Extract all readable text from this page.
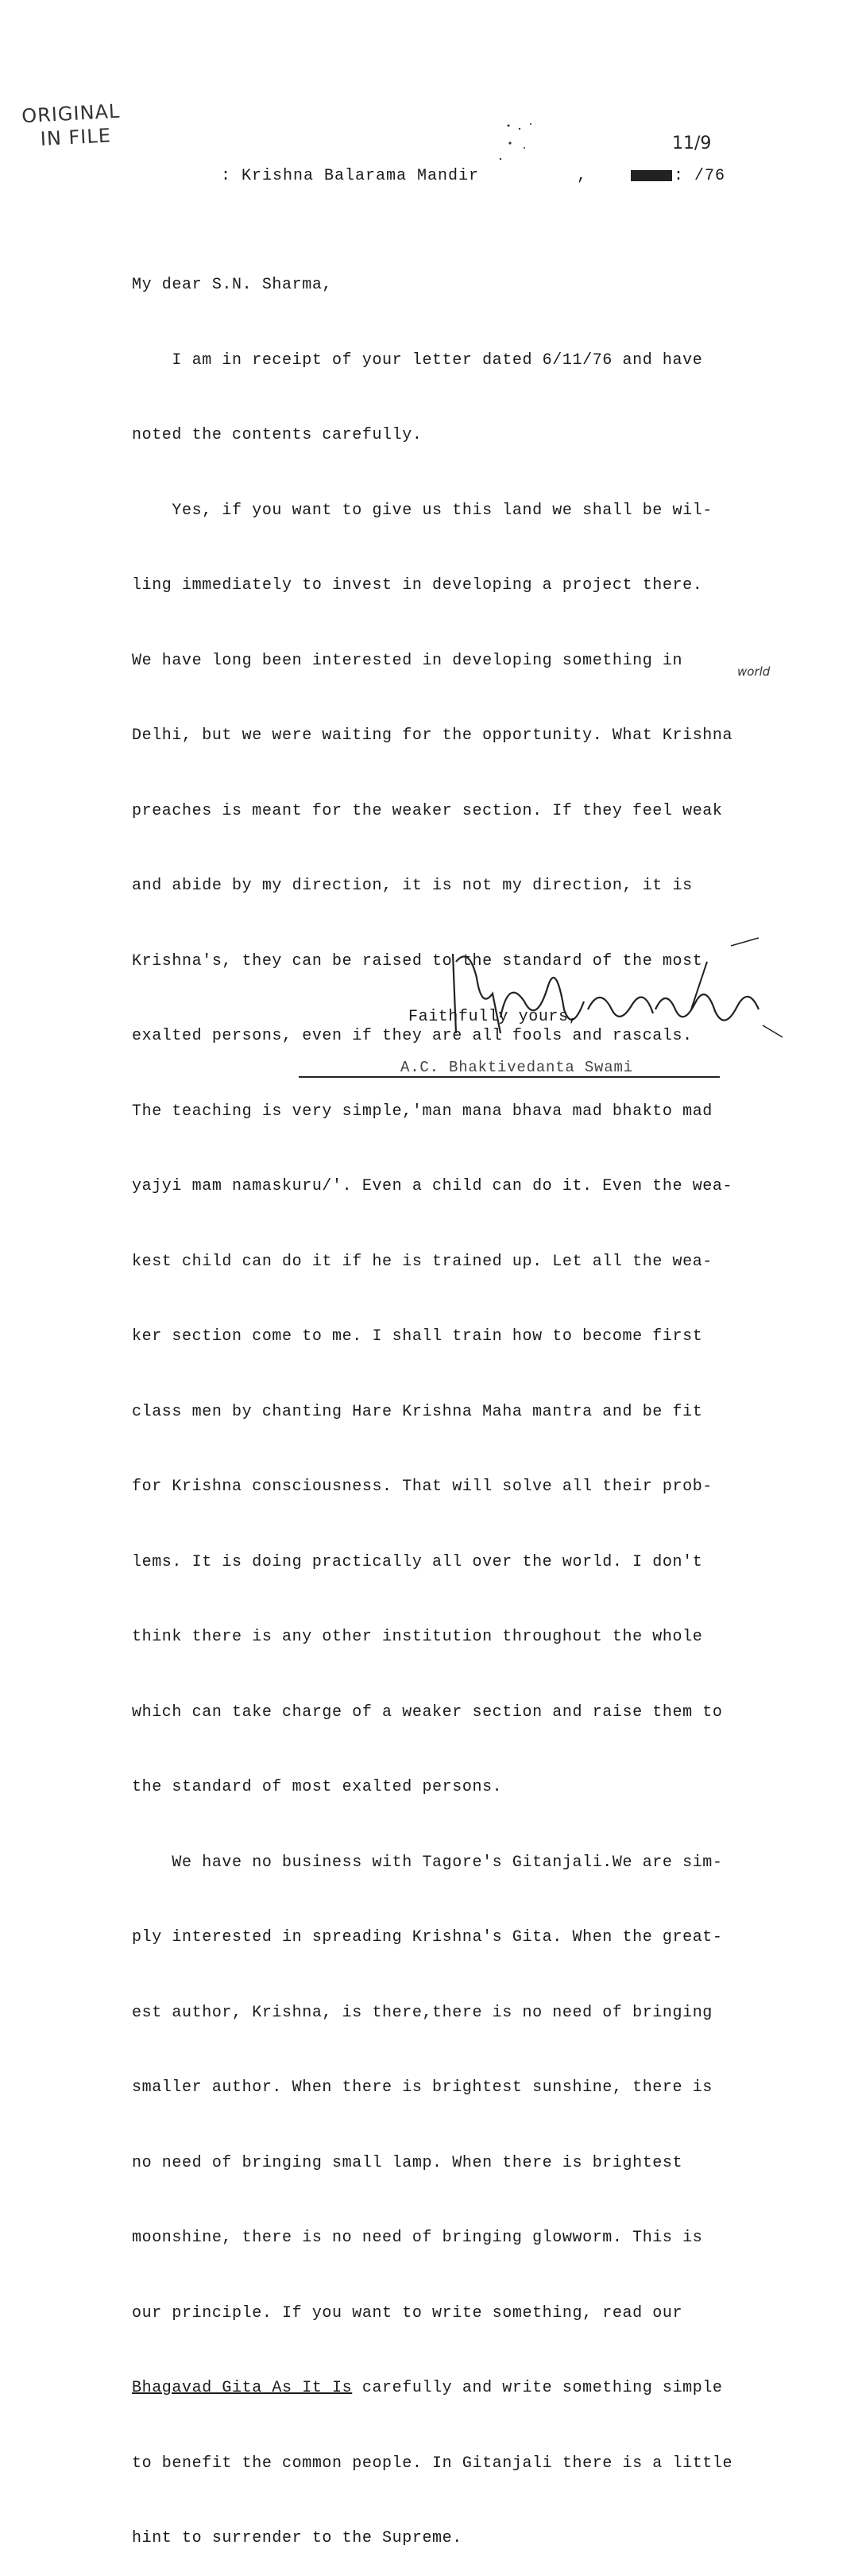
ORIGINAL
IN FILE	11/9
: Krishna Balarama Mandir	,	: /76

My dear S.N. Sharma,

I am in receipt of your letter dated 6/11/76 and have

noted the contents carefully.

Yes, if you want to give us this land we shall be wil-

ling immediately to invest in developing a project there.

We have long been interested in developing something in

Delhi, but we were waiting for the opportunity. What Krishna

preaches is meant for the weaker section. If they feel weak

and abide by my direction, it is not my direction, it is

Krishna's, they can be raised to the standard of the most

exalted persons, even if they are all fools and rascals.

The teaching is very simple,'man mana bhava mad bhakto mad

yajyi mam namaskuru/'. Even a child can do it. Even the wea-

kest child can do it if he is trained up. Let all the wea-

ker section come to me. I shall train how to become first

class men by chanting Hare Krishna Maha mantra and be fit

for Krishna consciousness. That will solve all their prob-

lems. It is doing practically all over the world. I don't

think there is any other institution throughout the whole

which can take charge of a weaker section and raise them to

the standard of most exalted persons.

We have no business with Tagore's Gitanjali.We are sim-

ply interested in spreading Krishna's Gita. When the great-

est author, Krishna, is there,there is no need of bringing

smaller author. When there is brightest sunshine, there is

no need of bringing small lamp. When there is brightest

moonshine, there is no need of bringing glowworm. This is

our principle. If you want to write something, read our

Bhagavad Gita As It Is carefully and write something simple

to benefit the common people. In Gitanjali there is a little

hint to surrender to the Supreme.

world
Faithfully yours,
A.C. Bhaktivedanta Swami
